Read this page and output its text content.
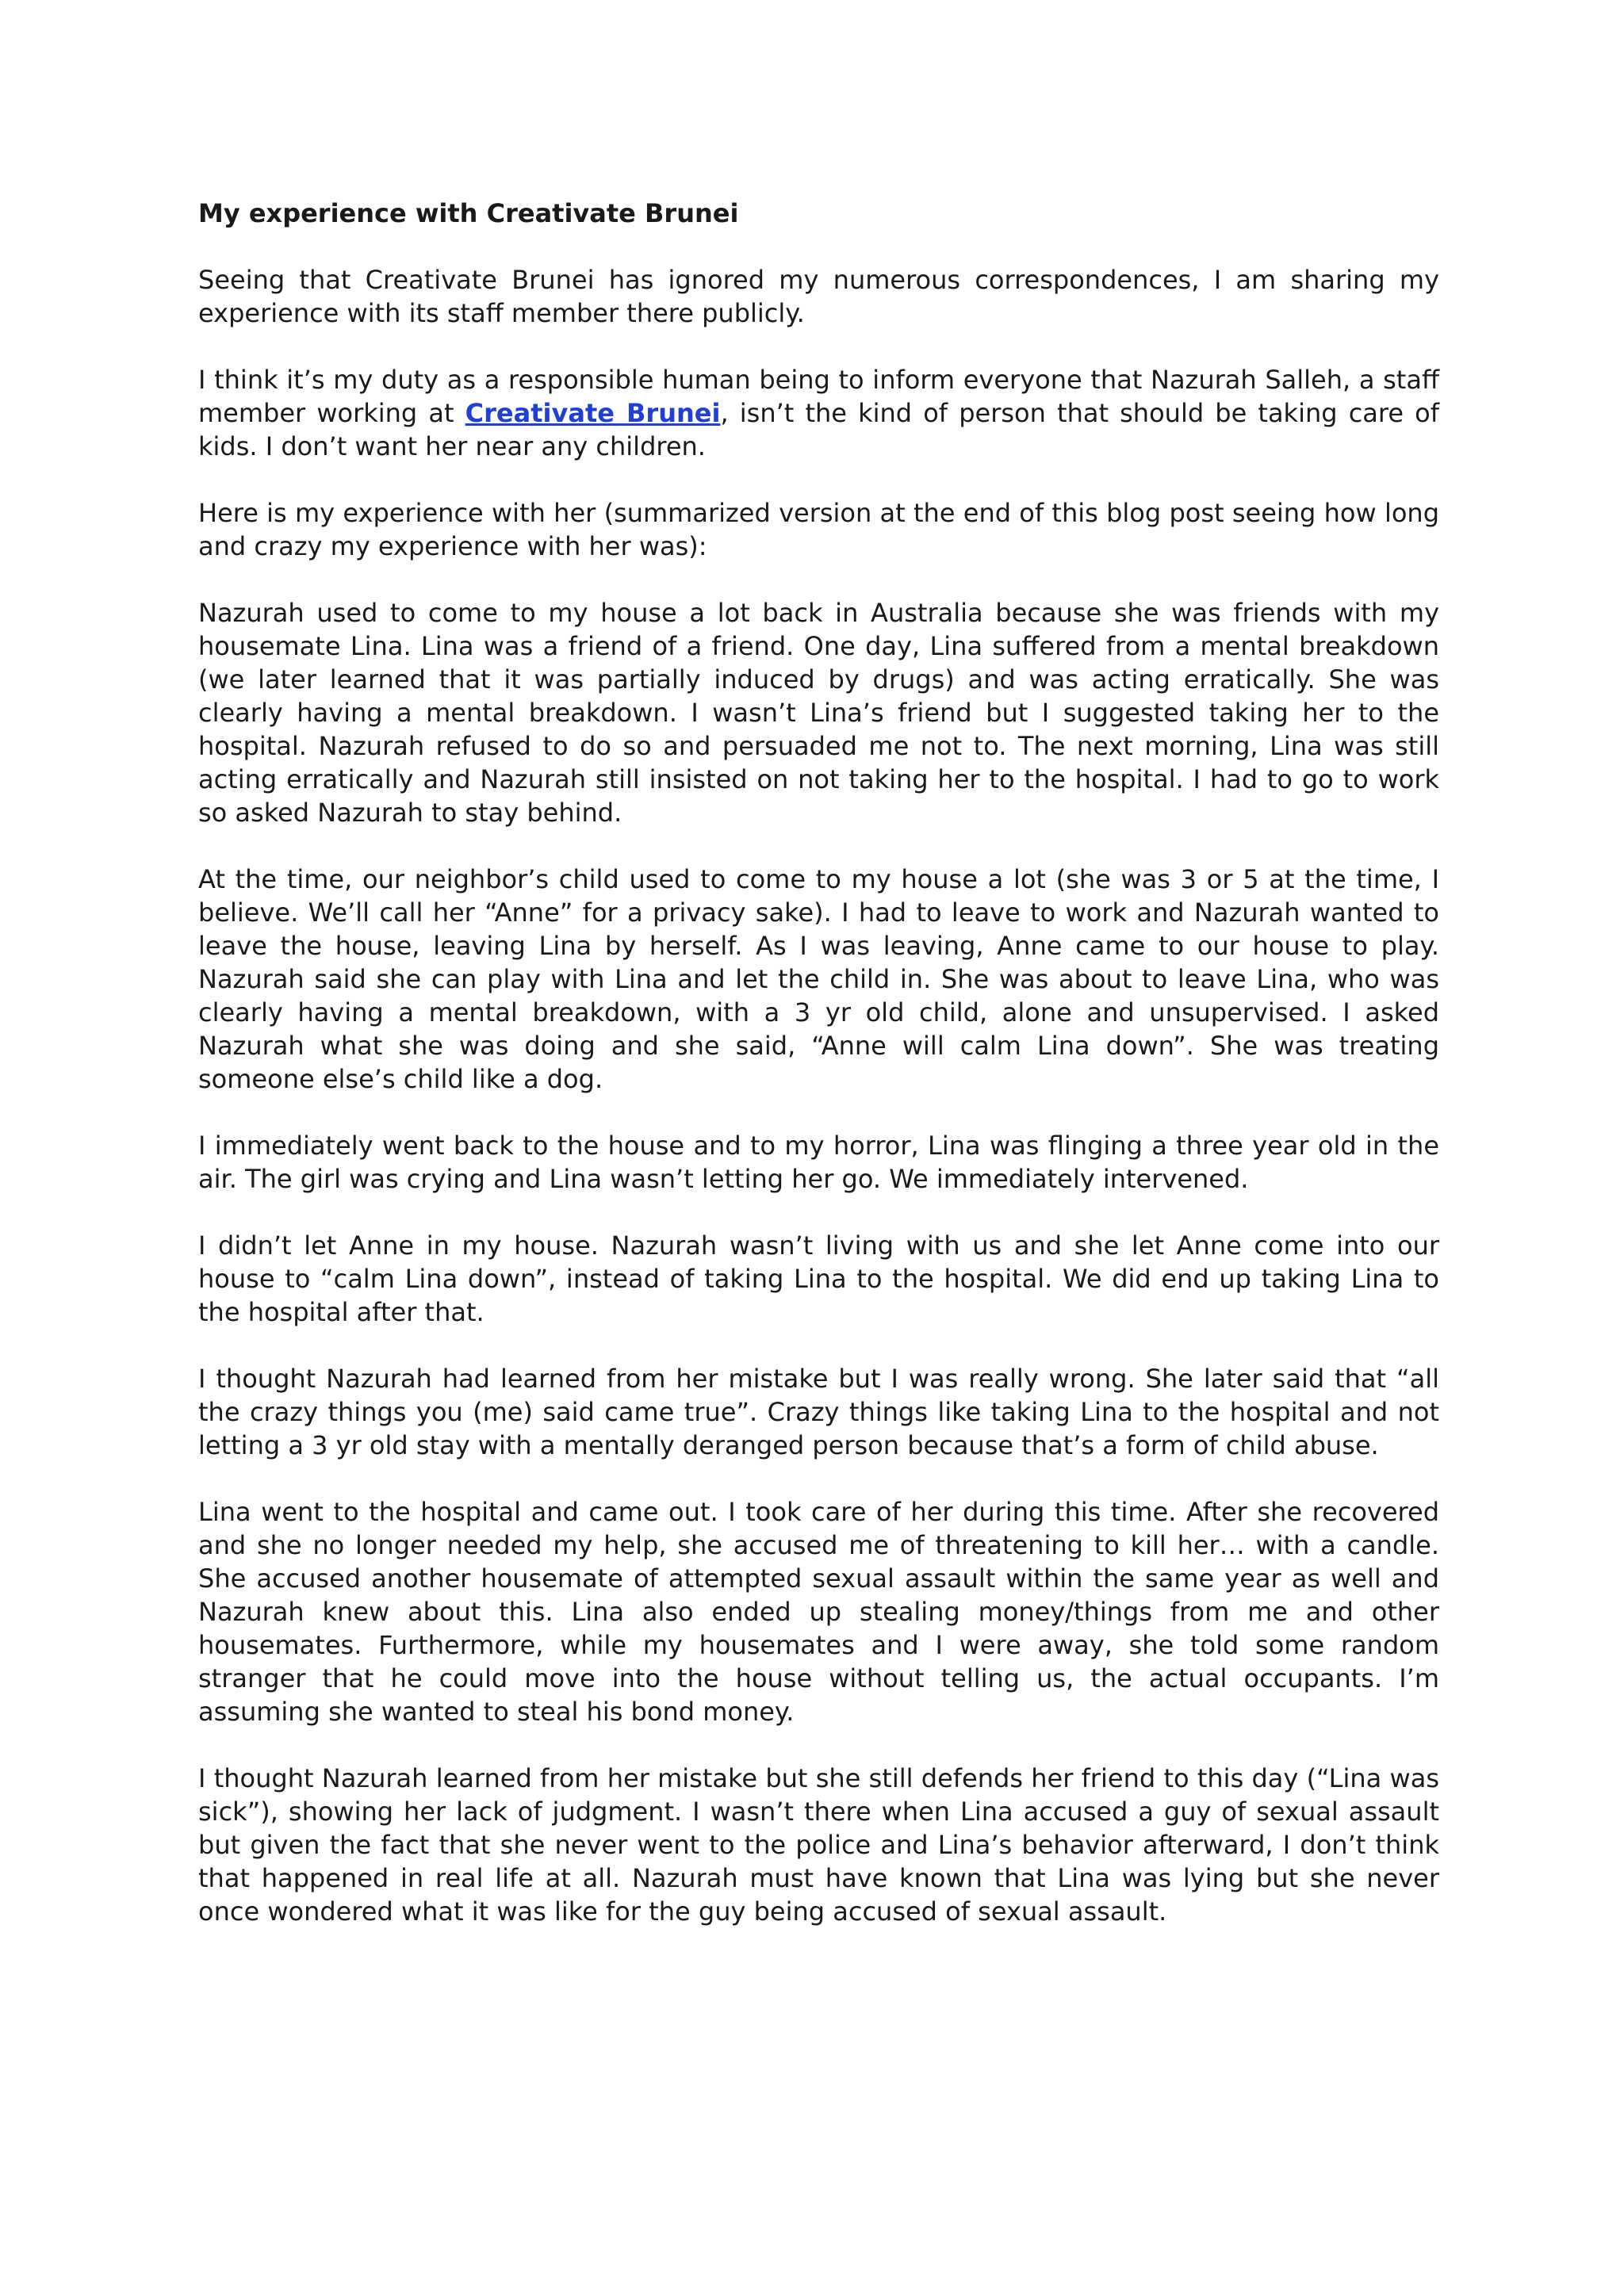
My experience with Creativate Brunei

Seeing that Creativate Brunei has ignored my numerous correspondences, I am sharing my experience with its staff member there publicly.

I think it’s my duty as a responsible human being to inform everyone that Nazurah Salleh, a staff member working at Creativate Brunei, isn’t the kind of person that should be taking care of kids. I don’t want her near any children.

Here is my experience with her (summarized version at the end of this blog post seeing how long and crazy my experience with her was):

Nazurah used to come to my house a lot back in Australia because she was friends with my housemate Lina. Lina was a friend of a friend. One day, Lina suffered from a mental breakdown (we later learned that it was partially induced by drugs) and was acting erratically. She was clearly having a mental breakdown. I wasn’t Lina’s friend but I suggested taking her to the hospital. Nazurah refused to do so and persuaded me not to. The next morning, Lina was still acting erratically and Nazurah still insisted on not taking her to the hospital. I had to go to work so asked Nazurah to stay behind.

At the time, our neighbor’s child used to come to my house a lot (she was 3 or 5 at the time, I believe. We’ll call her “Anne” for a privacy sake). I had to leave to work and Nazurah wanted to leave the house, leaving Lina by herself. As I was leaving, Anne came to our house to play. Nazurah said she can play with Lina and let the child in. She was about to leave Lina, who was clearly having a mental breakdown, with a 3 yr old child, alone and unsupervised. I asked Nazurah what she was doing and she said, “Anne will calm Lina down”. She was treating someone else’s child like a dog.

I immediately went back to the house and to my horror, Lina was flinging a three year old in the air. The girl was crying and Lina wasn’t letting her go. We immediately intervened.

I didn’t let Anne in my house. Nazurah wasn’t living with us and she let Anne come into our house to “calm Lina down”, instead of taking Lina to the hospital. We did end up taking Lina to the hospital after that.

I thought Nazurah had learned from her mistake but I was really wrong. She later said that “all the crazy things you (me) said came true”. Crazy things like taking Lina to the hospital and not letting a 3 yr old stay with a mentally deranged person because that’s a form of child abuse.

Lina went to the hospital and came out. I took care of her during this time. After she recovered and she no longer needed my help, she accused me of threatening to kill her… with a candle. She accused another housemate of attempted sexual assault within the same year as well and Nazurah knew about this. Lina also ended up stealing money/things from me and other housemates. Furthermore, while my housemates and I were away, she told some random stranger that he could move into the house without telling us, the actual occupants. I’m assuming she wanted to steal his bond money.

I thought Nazurah learned from her mistake but she still defends her friend to this day (“Lina was sick”), showing her lack of judgment. I wasn’t there when Lina accused a guy of sexual assault but given the fact that she never went to the police and Lina’s behavior afterward, I don’t think that happened in real life at all. Nazurah must have known that Lina was lying but she never once wondered what it was like for the guy being accused of sexual assault.
